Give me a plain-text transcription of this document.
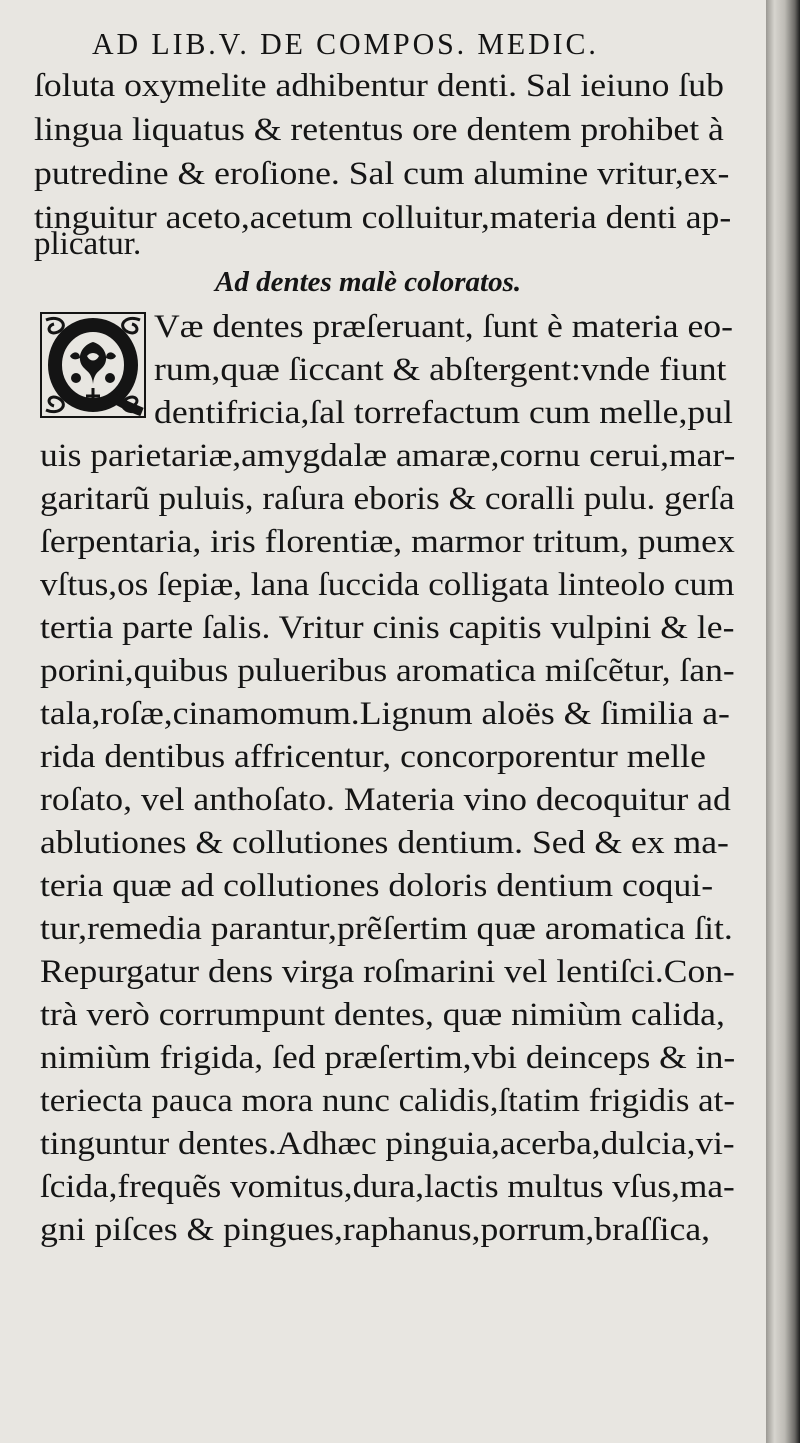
AD LIB.V. DE COMPOS. MEDIC.
ſoluta oxymelite adhibentur denti. Sal ieiuno ſub
lingua liquatus & retentus ore dentem prohibet à
putredine & eroſione. Sal cum alumine vritur,ex-
tinguitur aceto,acetum colluitur,materia denti ap-
plicatur.
Ad dentes malè coloratos.
Væ dentes præſeruant, ſunt è materia eo-
rum,quæ ſiccant & abſtergent:vnde fiunt
dentifricia,ſal torrefactum cum melle,pul
uis parietariæ,amygdalæ amaræ,cornu cerui,mar-
garitarũ puluis, raſura eboris & coralli pulu. gerſa
ſerpentaria, iris florentiæ, marmor tritum, pumex
vſtus,os ſepiæ, lana ſuccida colligata linteolo cum
tertia parte ſalis. Vritur cinis capitis vulpini & le-
porini,quibus pulueribus aromatica miſcẽtur, ſan-
tala,roſæ,cinamomum.Lignum aloës & ſimilia a-
rida dentibus affricentur, concorporentur melle
roſato, vel anthoſato. Materia vino decoquitur ad
ablutiones & collutiones dentium. Sed & ex ma-
teria quæ ad collutiones doloris dentium coqui-
tur,remedia parantur,prẽſertim quæ aromatica ſit.
Repurgatur dens virga roſmarini vel lentiſci.Con-
trà verò corrumpunt dentes, quæ nimiùm calida,
nimiùm frigida, ſed præſertim,vbi deinceps & in-
teriecta pauca mora nunc calidis,ſtatim frigidis at-
tinguntur dentes.Adhæc pinguia,acerba,dulcia,vi-
ſcida,frequẽs vomitus,dura,lactis multus vſus,ma-
gni piſces & pingues,raphanus,porrum,braſſica,
